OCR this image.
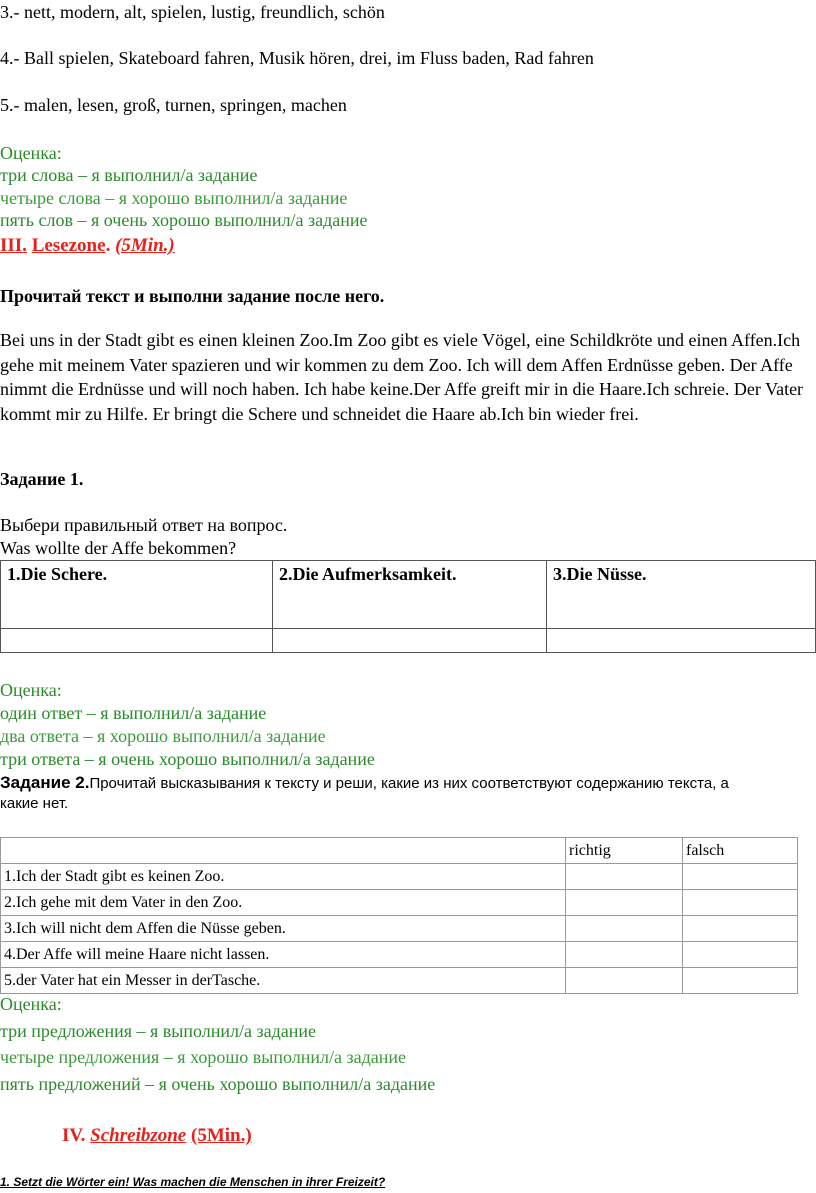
3.- nett, modern, alt, spielen, lustig, freundlich, schön
4.- Ball spielen, Skateboard fahren, Musik hören, drei, im Fluss baden, Rad fahren
5.- malen, lesen, groß, turnen, springen, machen
Оценка:
три слова – я выполнил/а задание
четыре слова – я хорошо выполнил/а задание
пять слов – я очень хорошо выполнил/а задание
III. Lesezone. (5Min.)
Прочитай текст и выполни задание после него.
Bei uns in der Stadt gibt es einen kleinen Zoo.Im Zoo gibt es viele Vögel, eine Schildkröte und einen Affen.Ich gehe mit meinem Vater spazieren und wir kommen zu dem Zoo. Ich will dem Affen Erdnüsse geben. Der Affe nimmt die Erdnüsse und will noch haben. Ich habe keine.Der Affe greift mir in die Haare.Ich schreie. Der Vater kommt mir zu Hilfe. Er bringt die Schere und schneidet die Haare ab.Ich bin wieder frei.
Задание 1.
Выбери правильный ответ на вопрос.
Was wollte der Affe bekommen?
1.Die Schere.	2.Die Aufmerksamkeit.	3.Die Nüsse.

Оценка:
один ответ – я выполнил/а задание
два ответа – я хорошо выполнил/а задание
три ответа – я очень хорошо выполнил/а задание
Задание 2.Прочитай высказывания к тексту и реши, какие из них соответствуют содержанию текста, а
какие нет.
	richtig	falsch
1.Ich der Stadt gibt es keinen Zoo.		
2.Ich gehe mit dem Vater in den Zoo.		
3.Ich will nicht dem Affen die Nüsse geben.		
4.Der Affe will meine Haare nicht lassen.		
5.der Vater hat ein Messer in derTasche.		
Оценка:
три предложения – я выполнил/а задание
четыре предложения – я хорошо выполнил/а задание
пять предложений – я очень хорошо выполнил/а задание
IV. Schreibzone (5Min.)
1. Setzt die Wörter ein! Was machen die Menschen in ihrer Freizeit?
